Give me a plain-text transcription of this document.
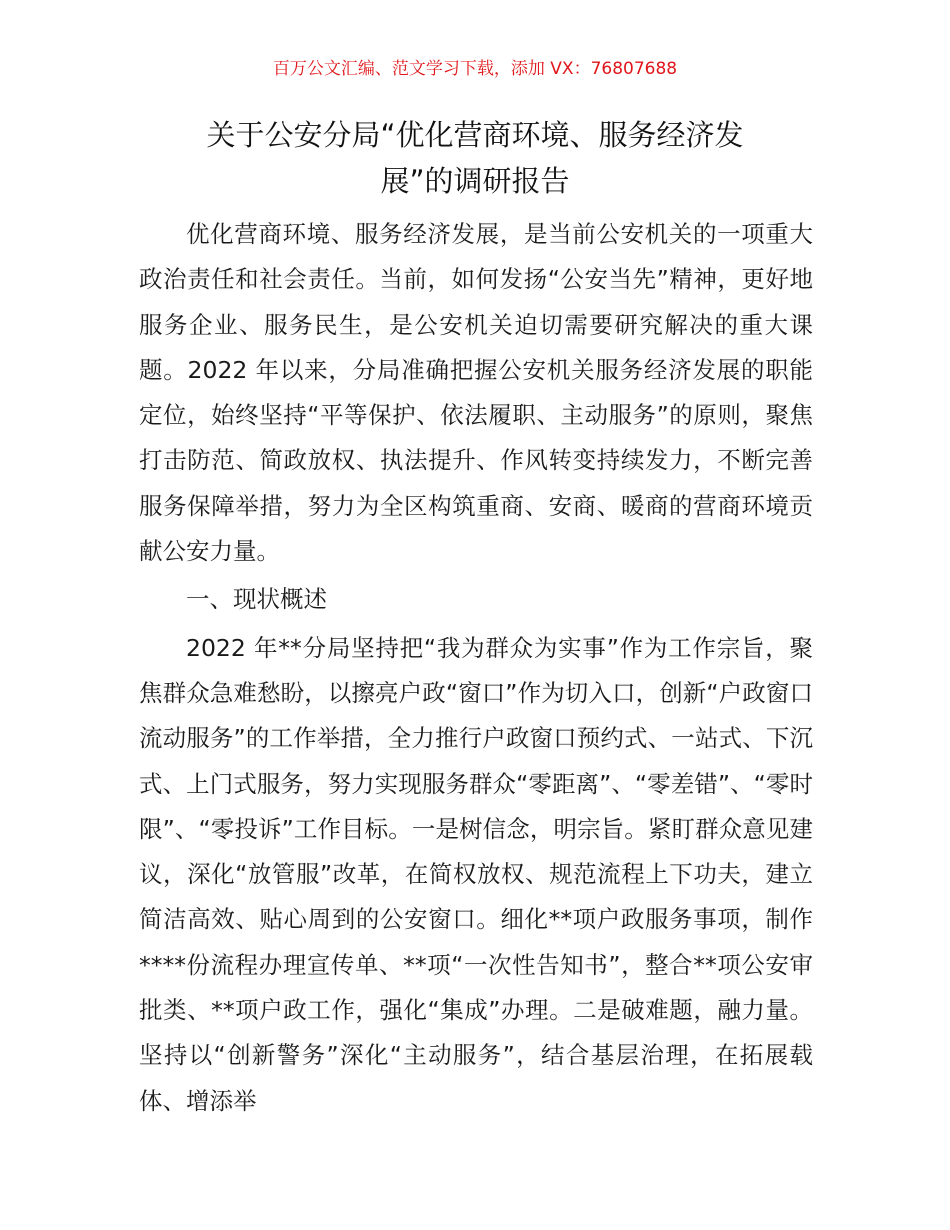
百万公文汇编、范文学习下载，添加 VX：76807688
关于公安分局“优化营商环境、服务经济发
展”的调研报告

优化营商环境、服务经济发展，是当前公安机关的一项重大政治责任和社会责任。当前，如何发扬“公安当先”精神，更好地服务企业、服务民生，是公安机关迫切需要研究解决的重大课题。2022 年以来，分局准确把握公安机关服务经济发展的职能定位，始终坚持“平等保护、依法履职、主动服务”的原则，聚焦打击防范、简政放权、执法提升、作风转变持续发力，不断完善服务保障举措，努力为全区构筑重商、安商、暖商的营商环境贡献公安力量。

一、现状概述

2022 年**分局坚持把“我为群众为实事”作为工作宗旨，聚焦群众急难愁盼，以擦亮户政“窗口”作为切入口，创新“户政窗口流动服务”的工作举措，全力推行户政窗口预约式、一站式、下沉式、上门式服务，努力实现服务群众“零距离”、“零差错”、“零时限”、“零投诉”工作目标。一是树信念，明宗旨。紧盯群众意见建议，深化“放管服”改革，在简权放权、规范流程上下功夫，建立简洁高效、贴心周到的公安窗口。细化**项户政服务事项，制作****份流程办理宣传单、**项“一次性告知书”，整合**项公安审批类、**项户政工作，强化“集成”办理。二是破难题，融力量。坚持以“创新警务”深化“主动服务”，结合基层治理，在拓展载体、增添举
